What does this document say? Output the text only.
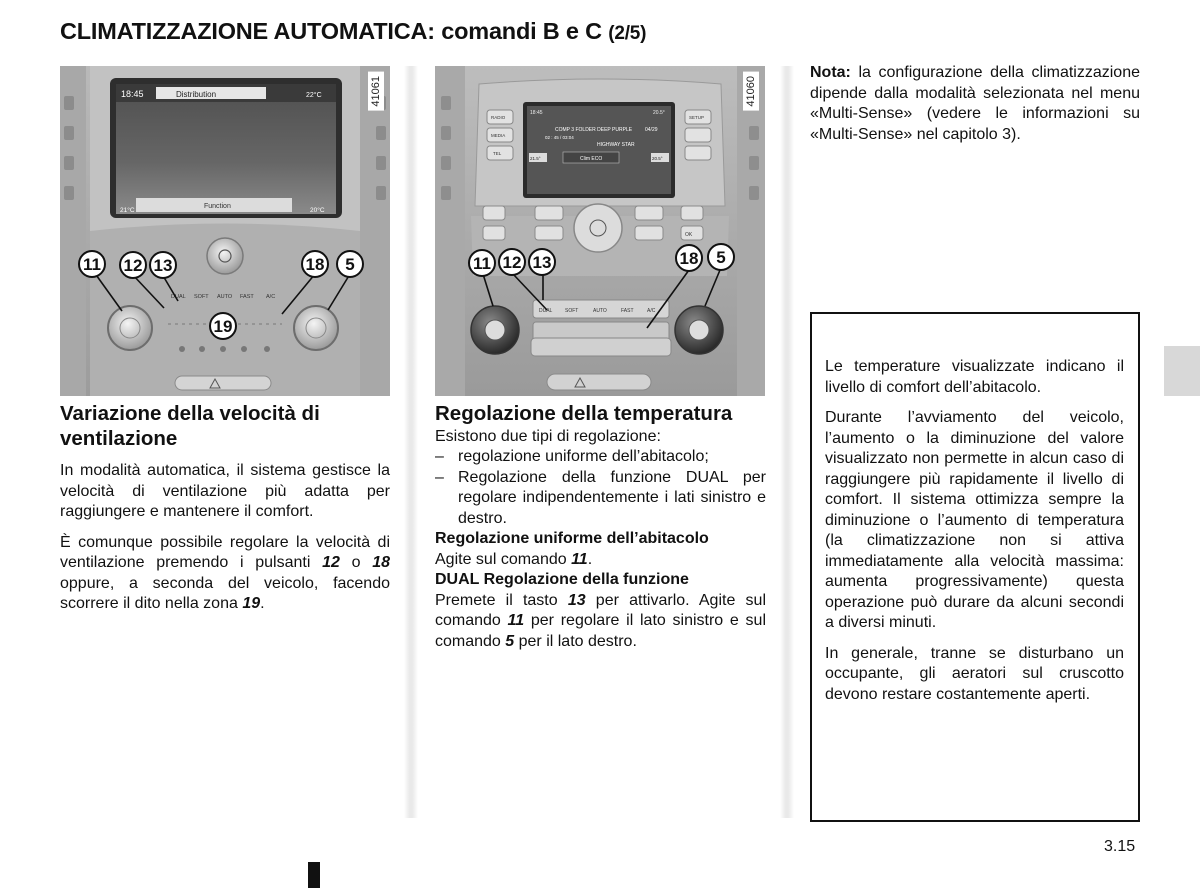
CLIMATIZZAZIONE AUTOMATICA: comandi B e C (2/5)
18:45	Distribution	22°C
Function
21°C	20°C
DUAL SOFT AUTO FAST A/C
11 12 13	18 5
19
41061
18:45	20.5°
COMP 3 FOLDER DEEP PURPLE	04/29
02 : 45 / 03:04
HIGHWAY STAR
21.5°	Clim ECO	20.5°
RADIO
MEDIA
TEL
SETUP
OK
DUAL	SOFT	AUTO	FAST	A/C
11 12 13	18 5
41060
Variazione della velocità di ventilazione

In modalità automatica, il sistema gestisce la velocità di ventilazione più adatta per raggiungere e mantenere il comfort.

È comunque possibile regolare la velocità di ventilazione premendo i pulsanti 12 o 18 oppure, a seconda del veicolo, facendo scorrere il dito nella zona 19.

Regolazione della temperatura

Esistono due tipi di regolazione:

– regolazione uniforme dell’abitacolo;
– Regolazione della funzione DUAL per regolare indipendentemente i lati sinistro e destro.

Regolazione uniforme dell’abitacolo

Agite sul comando 11.

DUAL Regolazione della funzione

Premete il tasto 13 per attivarlo. Agite sul comando 11 per regolare il lato sinistro e sul comando 5 per il lato destro.

Nota: la configurazione della climatizzazione dipende dalla modalità selezionata nel menu «Multi-Sense» (vedere le informazioni su «Multi-Sense» nel capitolo 3).

Le temperature visualizzate indicano il livello di comfort dell’abitacolo.

Durante l’avviamento del veicolo, l’aumento o la diminuzione del valore visualizzato non permette in alcun caso di raggiungere più rapidamente il livello di comfort. Il sistema ottimizza sempre la diminuzione o l’aumento di temperatura (la climatizzazione non si attiva immediatamente alla velocità massima: aumenta progressivamente) questa operazione può durare da alcuni secondi a diversi minuti.

In generale, tranne se disturbano un occupante, gli aeratori sul cruscotto devono restare costantemente aperti.

3.15
